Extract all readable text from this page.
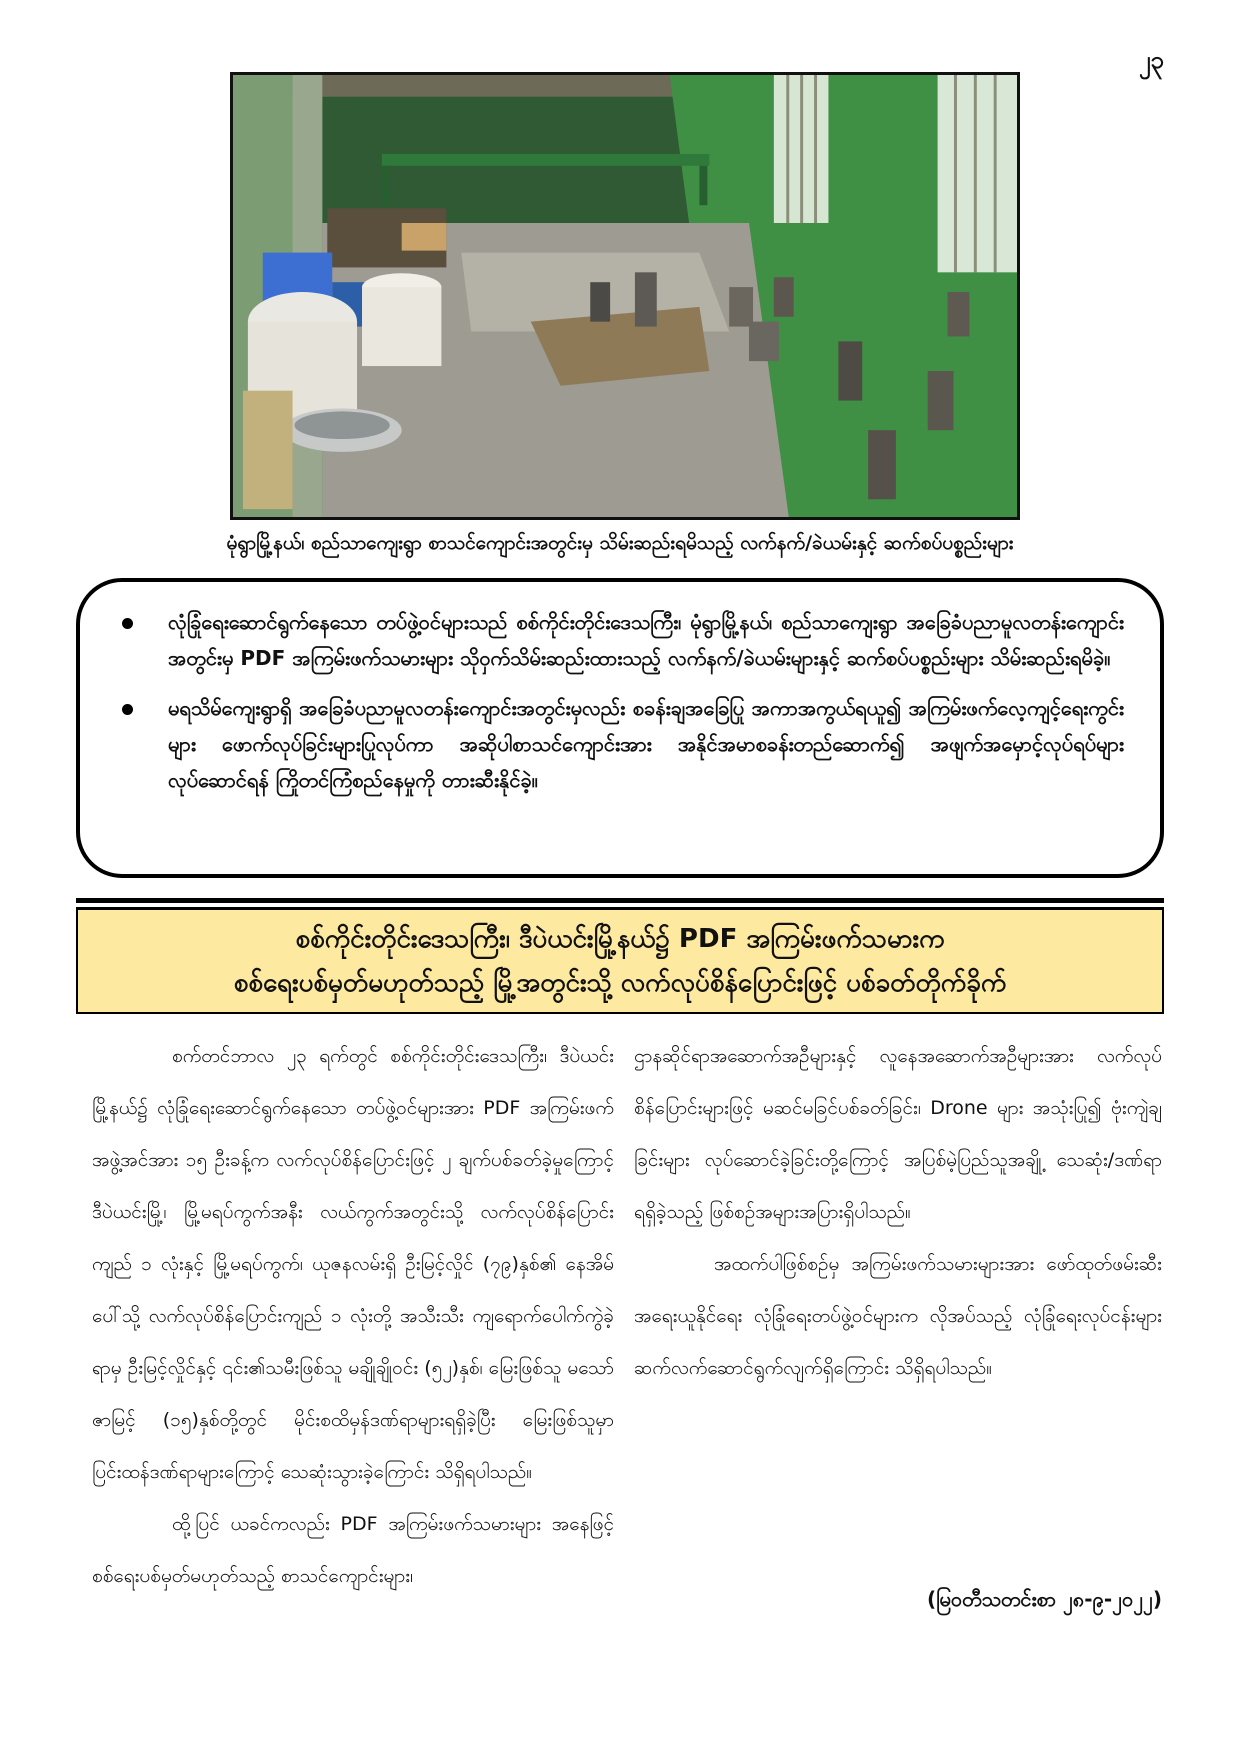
၂၃
မုံရွာမြို့နယ်၊ စည်သာကျေးရွာ စာသင်ကျောင်းအတွင်းမှ သိမ်းဆည်းရမိသည့် လက်နက်/ခဲယမ်းနှင့် ဆက်စပ်ပစ္စည်းများ
လုံခြုံရေးဆောင်ရွက်နေသော တပ်ဖွဲ့ဝင်များသည် စစ်ကိုင်းတိုင်းဒေသကြီး၊ မုံရွာမြို့နယ်၊ စည်သာကျေးရွာ အခြေခံပညာမူလတန်းကျောင်းအတွင်းမှ PDF အကြမ်းဖက်သမားများ သိုဝှက်သိမ်းဆည်းထားသည့် လက်နက်/ခဲယမ်းများနှင့် ဆက်စပ်ပစ္စည်းများ သိမ်းဆည်းရမိခဲ့။
မရသိမ်ကျေးရွာရှိ အခြေခံပညာမူလတန်းကျောင်းအတွင်းမှလည်း စခန်းချအခြေပြု အကာအကွယ်ရယူ၍ အကြမ်းဖက်လေ့ကျင့်ရေးကွင်းများ ဖောက်လုပ်ခြင်းများပြုလုပ်ကာ အဆိုပါစာသင်ကျောင်းအား အနိုင်အမာစခန်းတည်ဆောက်၍ အဖျက်အမှောင့်လုပ်ရပ်များ လုပ်ဆောင်ရန် ကြိုတင်ကြံစည်နေမှုကို တားဆီးနိုင်ခဲ့။
စစ်ကိုင်းတိုင်းဒေသကြီး၊ ဒီပဲယင်းမြို့နယ်၌ PDF အကြမ်းဖက်သမားက
စစ်ရေးပစ်မှတ်မဟုတ်သည့် မြို့အတွင်းသို့ လက်လုပ်စိန်ပြောင်းဖြင့် ပစ်ခတ်တိုက်ခိုက်

စက်တင်ဘာလ ၂၃ ရက်တွင် စစ်ကိုင်းတိုင်းဒေသကြီး၊ ဒီပဲယင်းမြို့နယ်၌ လုံခြုံရေးဆောင်ရွက်နေသော တပ်ဖွဲ့ဝင်များအား PDF အကြမ်းဖက်အဖွဲ့အင်အား ၁၅ ဦးခန့်က လက်လုပ်စိန်ပြောင်းဖြင့် ၂ ချက်ပစ်ခတ်ခဲ့မှုကြောင့် ဒီပဲယင်းမြို့၊ မြို့မရပ်ကွက်အနီး လယ်ကွက်အတွင်းသို့ လက်လုပ်စိန်ပြောင်းကျည် ၁ လုံးနှင့် မြို့မရပ်ကွက်၊ ယုဇနလမ်းရှိ ဦးမြင့်လှိုင် (၇၉)နှစ်၏ နေအိမ်ပေါ်သို့ လက်လုပ်စိန်ပြောင်းကျည် ၁ လုံးတို့ အသီးသီး ကျရောက်ပေါက်ကွဲခဲ့ရာမှ ဦးမြင့်လှိုင်နှင့် ၎င်း၏သမီးဖြစ်သူ မချိုချိုဝင်း (၅၂)နှစ်၊ မြေးဖြစ်သူ မသော်ဇာမြင့် (၁၅)နှစ်တို့တွင် မိုင်းစထိမှန်ဒဏ်ရာများရရှိခဲ့ပြီး မြေးဖြစ်သူမှာ ပြင်းထန်ဒဏ်ရာများကြောင့် သေဆုံးသွားခဲ့ကြောင်း သိရှိရပါသည်။

ထို့ပြင် ယခင်ကလည်း PDF အကြမ်းဖက်သမားများ အနေဖြင့် စစ်ရေးပစ်မှတ်မဟုတ်သည့် စာသင်ကျောင်းများ၊

ဌာနဆိုင်ရာအဆောက်အဦများနှင့် လူနေအဆောက်အဦများအား လက်လုပ်စိန်ပြောင်းများဖြင့် မဆင်မခြင်ပစ်ခတ်ခြင်း၊ Drone များ အသုံးပြု၍ ဗုံးကျဲချခြင်းများ လုပ်ဆောင်ခဲ့ခြင်းတို့ကြောင့် အပြစ်မဲ့ပြည်သူအချို့ သေဆုံး/ဒဏ်ရာ ရရှိခဲ့သည့် ဖြစ်စဉ်အများအပြားရှိပါသည်။

အထက်ပါဖြစ်စဉ်မှ အကြမ်းဖက်သမားများအား ဖော်ထုတ်ဖမ်းဆီးအရေးယူနိုင်ရေး လုံခြုံရေးတပ်ဖွဲ့ဝင်များက လိုအပ်သည့် လုံခြုံရေးလုပ်ငန်းများ ဆက်လက်ဆောင်ရွက်လျက်ရှိကြောင်း သိရှိရပါသည်။

(မြဝတီသတင်းစာ ၂၈-၉-၂၀၂၂)
